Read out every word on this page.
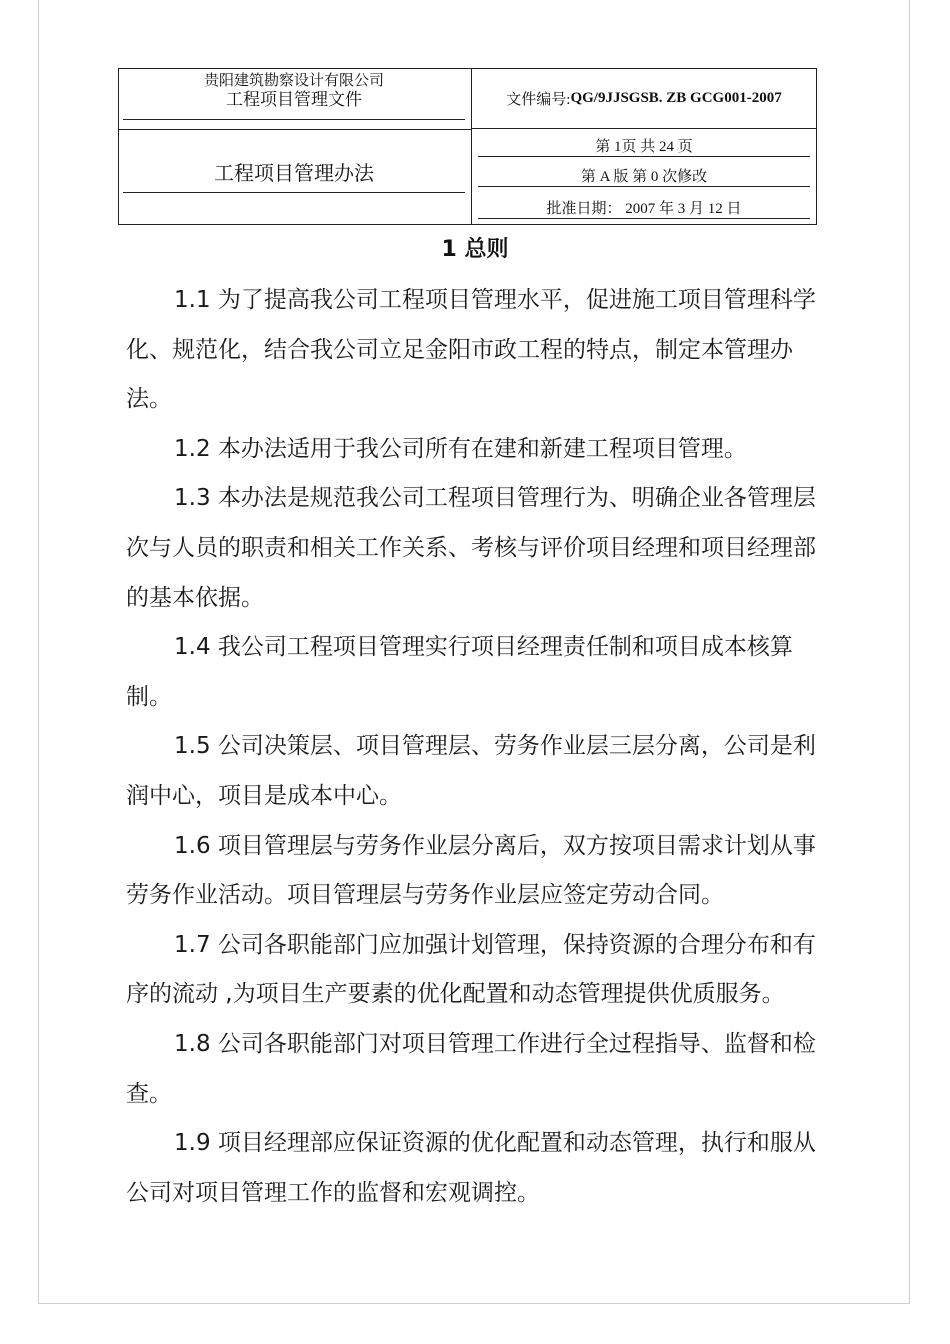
贵阳建筑勘察设计有限公司
工程项目管理文件
工程项目管理办法
文件编号: QG/9JJSGSB. ZB GCG001-2007
第 1页 共 24 页
第 A 版 第 0 次修改
批准日期： 2007 年 3 月 12 日
1 总则

1.1 为了提高我公司工程项目管理水平，促进施工项目管理科学化、规范化，结合我公司立足金阳市政工程的特点，制定本管理办法。

1.2 本办法适用于我公司所有在建和新建工程项目管理。

1.3 本办法是规范我公司工程项目管理行为、明确企业各管理层次与人员的职责和相关工作关系、考核与评价项目经理和项目经理部的基本依据。

1.4 我公司工程项目管理实行项目经理责任制和项目成本核算制。

1.5 公司决策层、项目管理层、劳务作业层三层分离，公司是利润中心，项目是成本中心。

1.6 项目管理层与劳务作业层分离后，双方按项目需求计划从事劳务作业活动。项目管理层与劳务作业层应签定劳动合同。

1.7 公司各职能部门应加强计划管理，保持资源的合理分布和有序的流动 ,为项目生产要素的优化配置和动态管理提供优质服务。

1.8 公司各职能部门对项目管理工作进行全过程指导、监督和检查。

1.9 项目经理部应保证资源的优化配置和动态管理，执行和服从公司对项目管理工作的监督和宏观调控。
